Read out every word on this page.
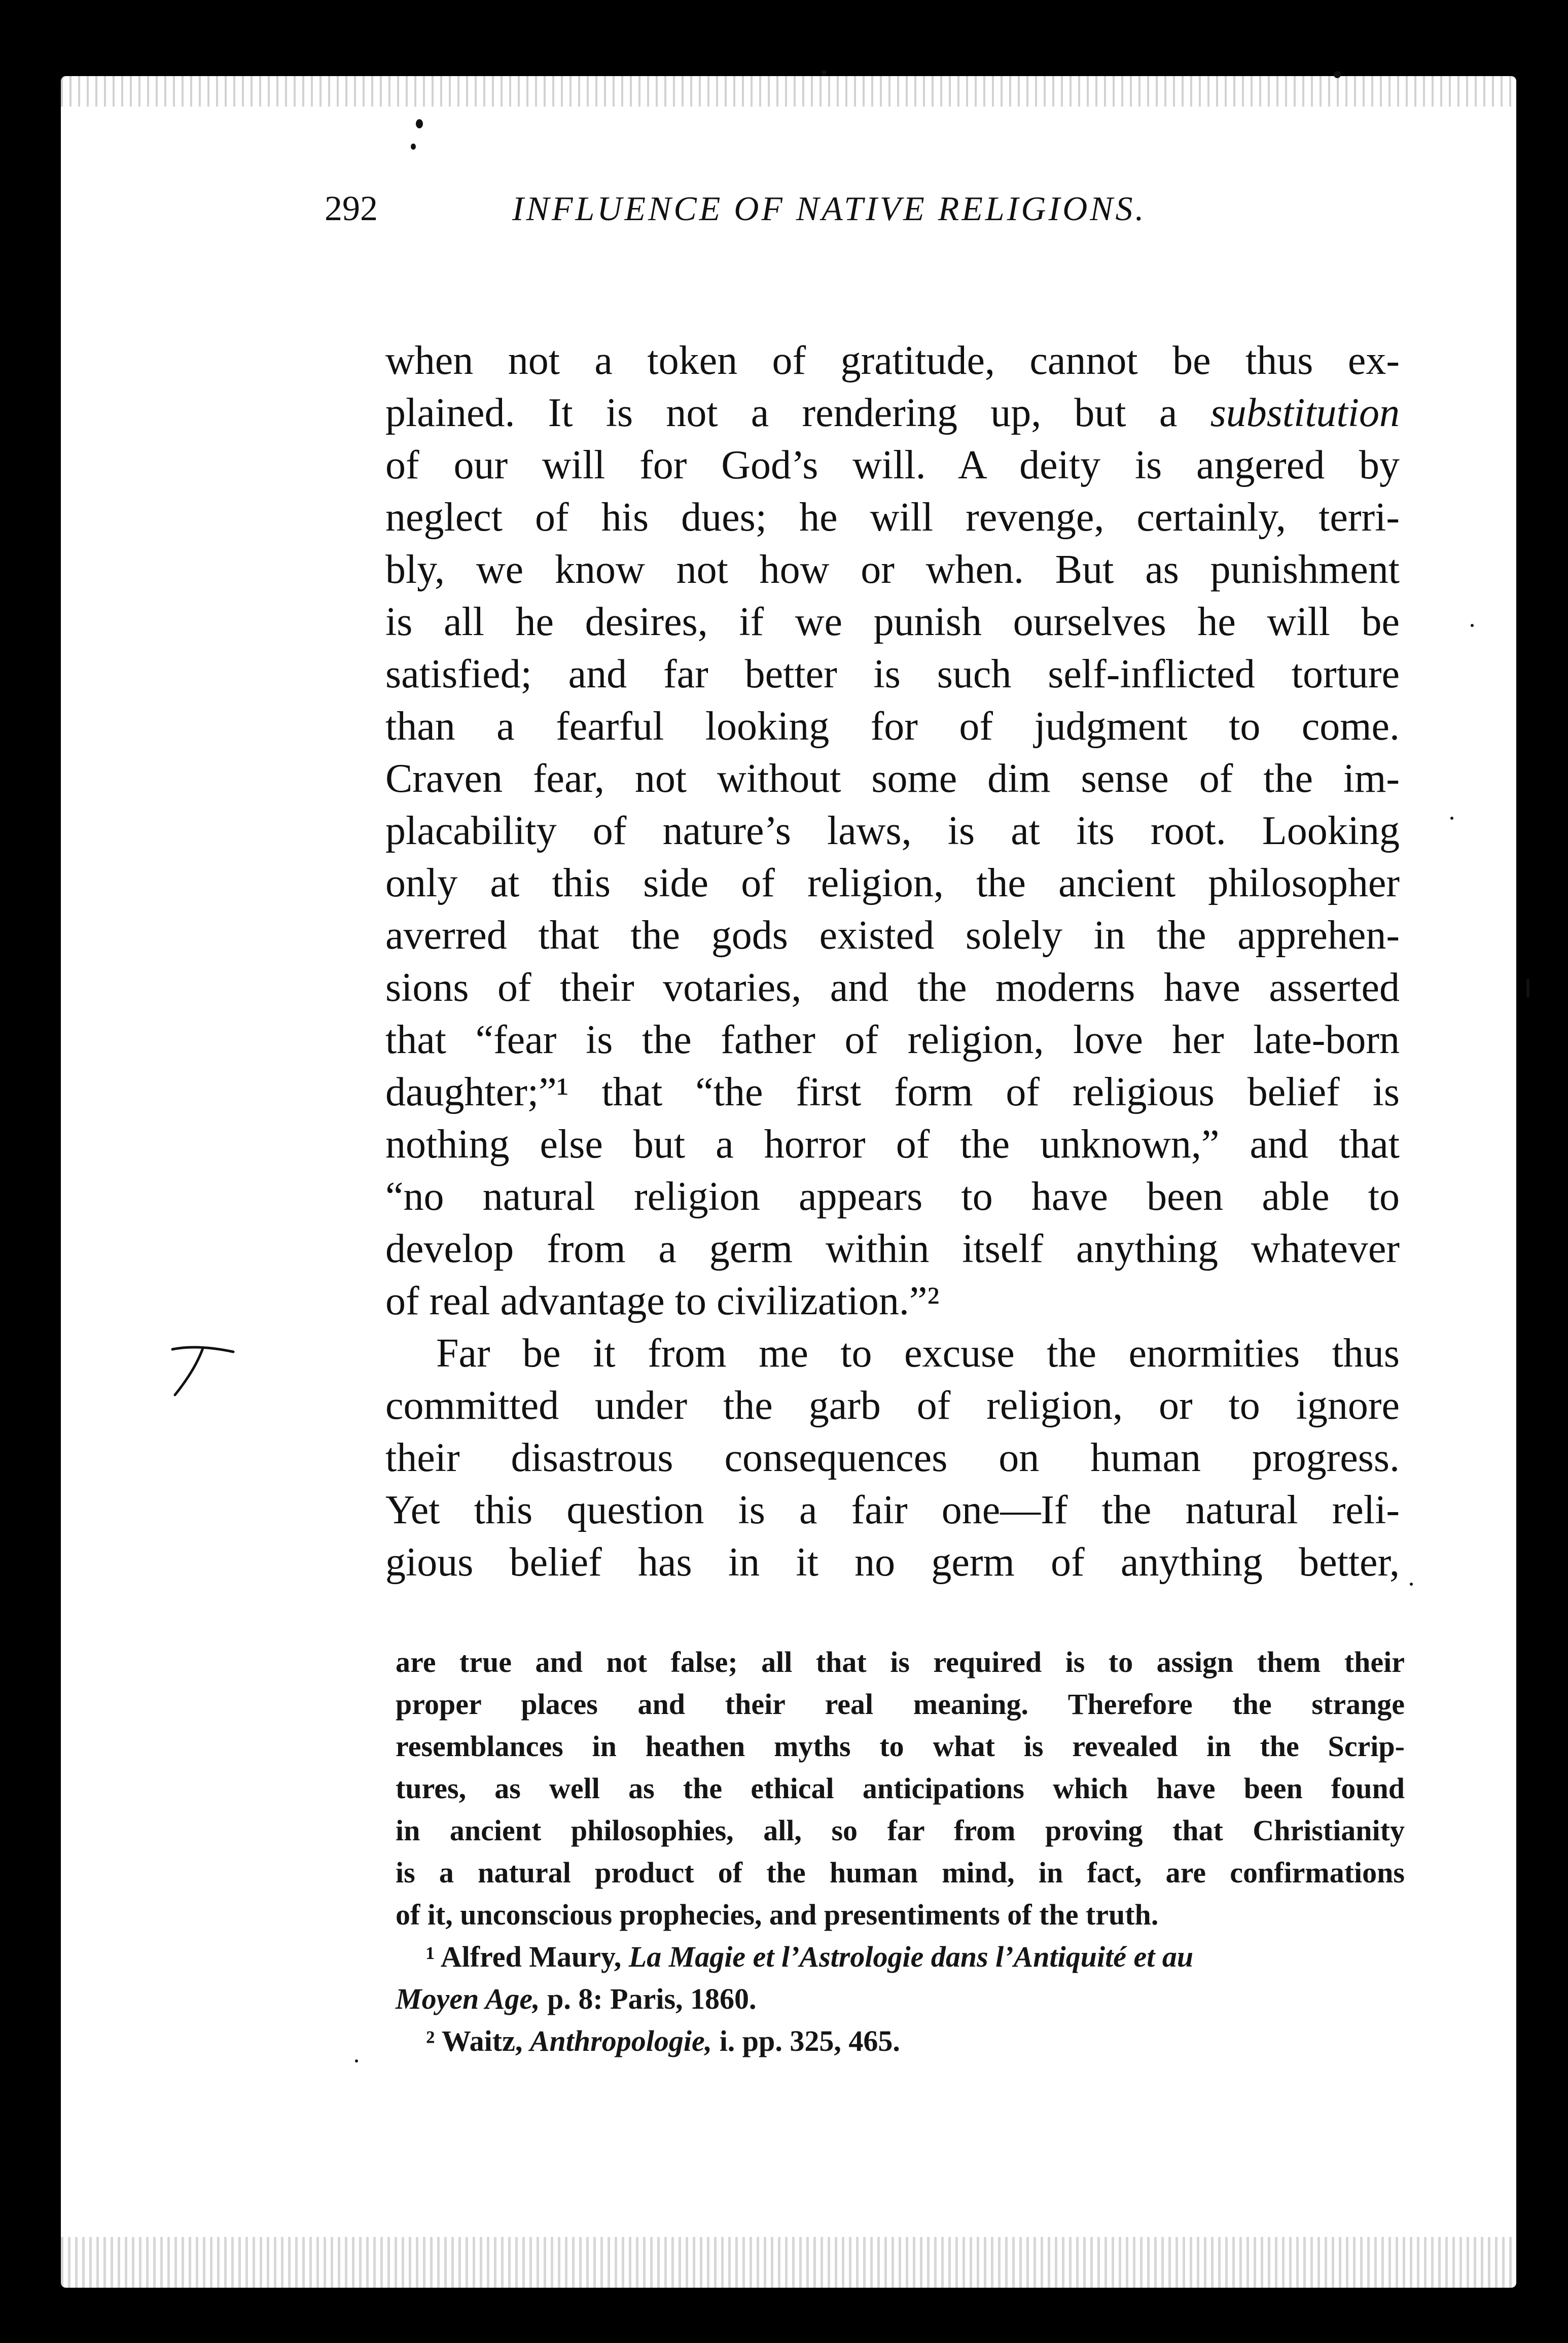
292	INFLUENCE OF NATIVE RELIGIONS.
when not a token of gratitude, cannot be thus ex-
plained. It is not a rendering up, but a substitution
of our will for God’s will. A deity is angered by
neglect of his dues; he will revenge, certainly, terri-
bly, we know not how or when. But as punishment
is all he desires, if we punish ourselves he will be
satisfied; and far better is such self-inflicted torture
than a fearful looking for of judgment to come.
Craven fear, not without some dim sense of the im-
placability of nature’s laws, is at its root. Looking
only at this side of religion, the ancient philosopher
averred that the gods existed solely in the apprehen-
sions of their votaries, and the moderns have asserted
that “fear is the father of religion, love her late-born
daughter;”¹ that “the first form of religious belief is
nothing else but a horror of the unknown,” and that
“no natural religion appears to have been able to
develop from a germ within itself anything whatever
of real advantage to civilization.”²
Far be it from me to excuse the enormities thus
committed under the garb of religion, or to ignore
their disastrous consequences on human progress.
Yet this question is a fair one—If the natural reli-
gious belief has in it no germ of anything better,
are true and not false; all that is required is to assign them their
proper places and their real meaning. Therefore the strange
resemblances in heathen myths to what is revealed in the Scrip-
tures, as well as the ethical anticipations which have been found
in ancient philosophies, all, so far from proving that Christianity
is a natural product of the human mind, in fact, are confirmations
of it, unconscious prophecies, and presentiments of the truth.
¹ Alfred Maury, La Magie et l’Astrologie dans l’Antiquité et au
Moyen Age, p. 8: Paris, 1860.
² Waitz, Anthropologie, i. pp. 325, 465.
